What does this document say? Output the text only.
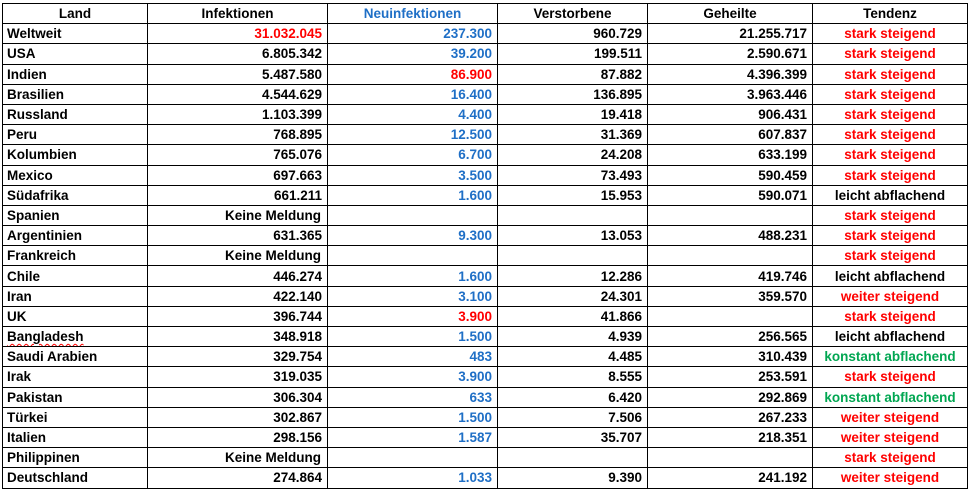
Land	Infektionen	Neuinfektionen	Verstorbene	Geheilte	Tendenz
Weltweit	31.032.045	237.300	960.729	21.255.717	stark steigend
USA	6.805.342	39.200	199.511	2.590.671	stark steigend
Indien	5.487.580	86.900	87.882	4.396.399	stark steigend
Brasilien	4.544.629	16.400	136.895	3.963.446	stark steigend
Russland	1.103.399	4.400	19.418	906.431	stark steigend
Peru	768.895	12.500	31.369	607.837	stark steigend
Kolumbien	765.076	6.700	24.208	633.199	stark steigend
Mexico	697.663	3.500	73.493	590.459	stark steigend
Südafrika	661.211	1.600	15.953	590.071	leicht abflachend
Spanien	Keine Meldung				stark steigend
Argentinien	631.365	9.300	13.053	488.231	stark steigend
Frankreich	Keine Meldung				stark steigend
Chile	446.274	1.600	12.286	419.746	leicht abflachend
Iran	422.140	3.100	24.301	359.570	weiter steigend
UK	396.744	3.900	41.866		stark steigend
Bangladesh	348.918	1.500	4.939	256.565	leicht abflachend
Saudi Arabien	329.754	483	4.485	310.439	konstant abflachend
Irak	319.035	3.900	8.555	253.591	stark steigend
Pakistan	306.304	633	6.420	292.869	konstant abflachend
Türkei	302.867	1.500	7.506	267.233	weiter steigend
Italien	298.156	1.587	35.707	218.351	weiter steigend
Philippinen	Keine Meldung				stark steigend
Deutschland	274.864	1.033	9.390	241.192	weiter steigend
